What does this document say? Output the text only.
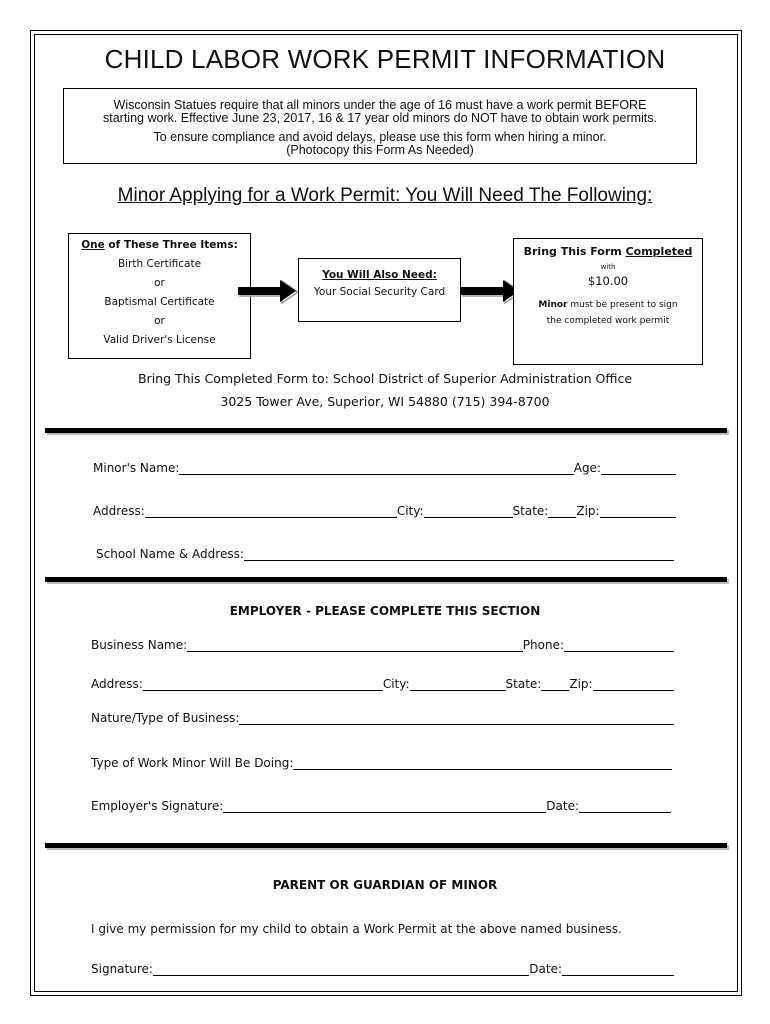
CHILD LABOR WORK PERMIT INFORMATION
Wisconsin Statues require that all minors under the age of 16 must have a work permit BEFORE
starting work. Effective June 23, 2017, 16 & 17 year old minors do NOT have to obtain work permits.
To ensure compliance and avoid delays, please use this form when hiring a minor.
(Photocopy this Form As Needed)
Minor Applying for a Work Permit: You Will Need The Following:
One of These Three Items:
Birth Certificate
or
Baptismal Certificate
or
Valid Driver's License
You Will Also Need:
Your Social Security Card
Bring This Form Completed
with
$10.00
Minor must be present to sign
the completed work permit
Bring This Completed Form to: School District of Superior Administration Office
3025 Tower Ave, Superior, WI 54880 (715) 394-8700
Minor's Name:	Age:
Address:	City:	State: Zip:
School Name & Address:
EMPLOYER - PLEASE COMPLETE THIS SECTION
Business Name:	Phone:
Address:	City:	State: Zip:
Nature/Type of Business:
Type of Work Minor Will Be Doing:
Employer's Signature:	Date:
PARENT OR GUARDIAN OF MINOR
I give my permission for my child to obtain a Work Permit at the above named business.
Signature:	Date:
